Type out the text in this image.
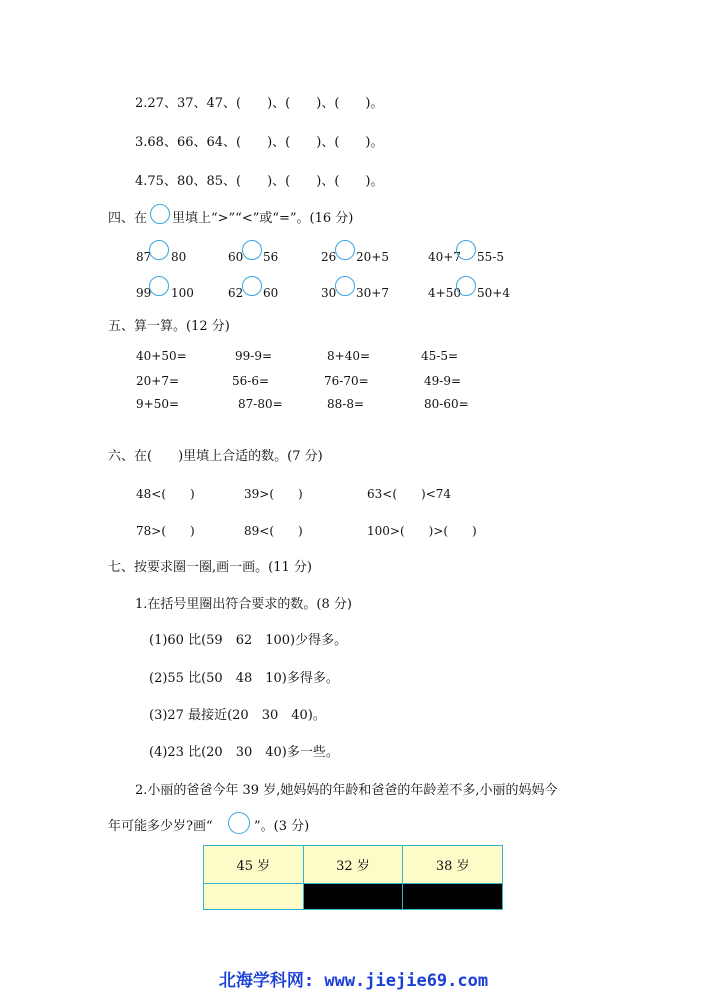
2.27、37、47、(　　)、(　　)、(　　)。
3.68、66、64、(　　)、(　　)、(　　)。
4.75、80、85、(　　)、(　　)、(　　)。
四、在 里填上“>”“<”或“=”。(16 分)
87 80	60 56	26 20+5	40+7 55-5
99 100	62 60	30 30+7	4+50 50+4
五、算一算。(12 分)
40+50=	99-9=	8+40=	45-5=
20+7=	56-6=	76-70=	49-9=
9+50=	87-80=	88-8=	80-60=
六、在(　　)里填上合适的数。(7 分)
48<(　　)	39>(　　)	63<(　　)<74
78>(　　)	89<(　　)	100>(　　)>(　　)
七、按要求圈一圈,画一画。(11 分)
1.在括号里圈出符合要求的数。(8 分)
(1)60 比(59　62　100)少得多。
(2)55 比(50　48　10)多得多。
(3)27 最接近(20　30　40)。
(4)23 比(20　30　40)多一些。
2.小丽的爸爸今年 39 岁,她妈妈的年龄和爸爸的年龄差不多,小丽的妈妈今
年可能多少岁?画“	”。(3 分)
45 岁	32 岁	38 岁

北海学科网: www.jiejie69.com
